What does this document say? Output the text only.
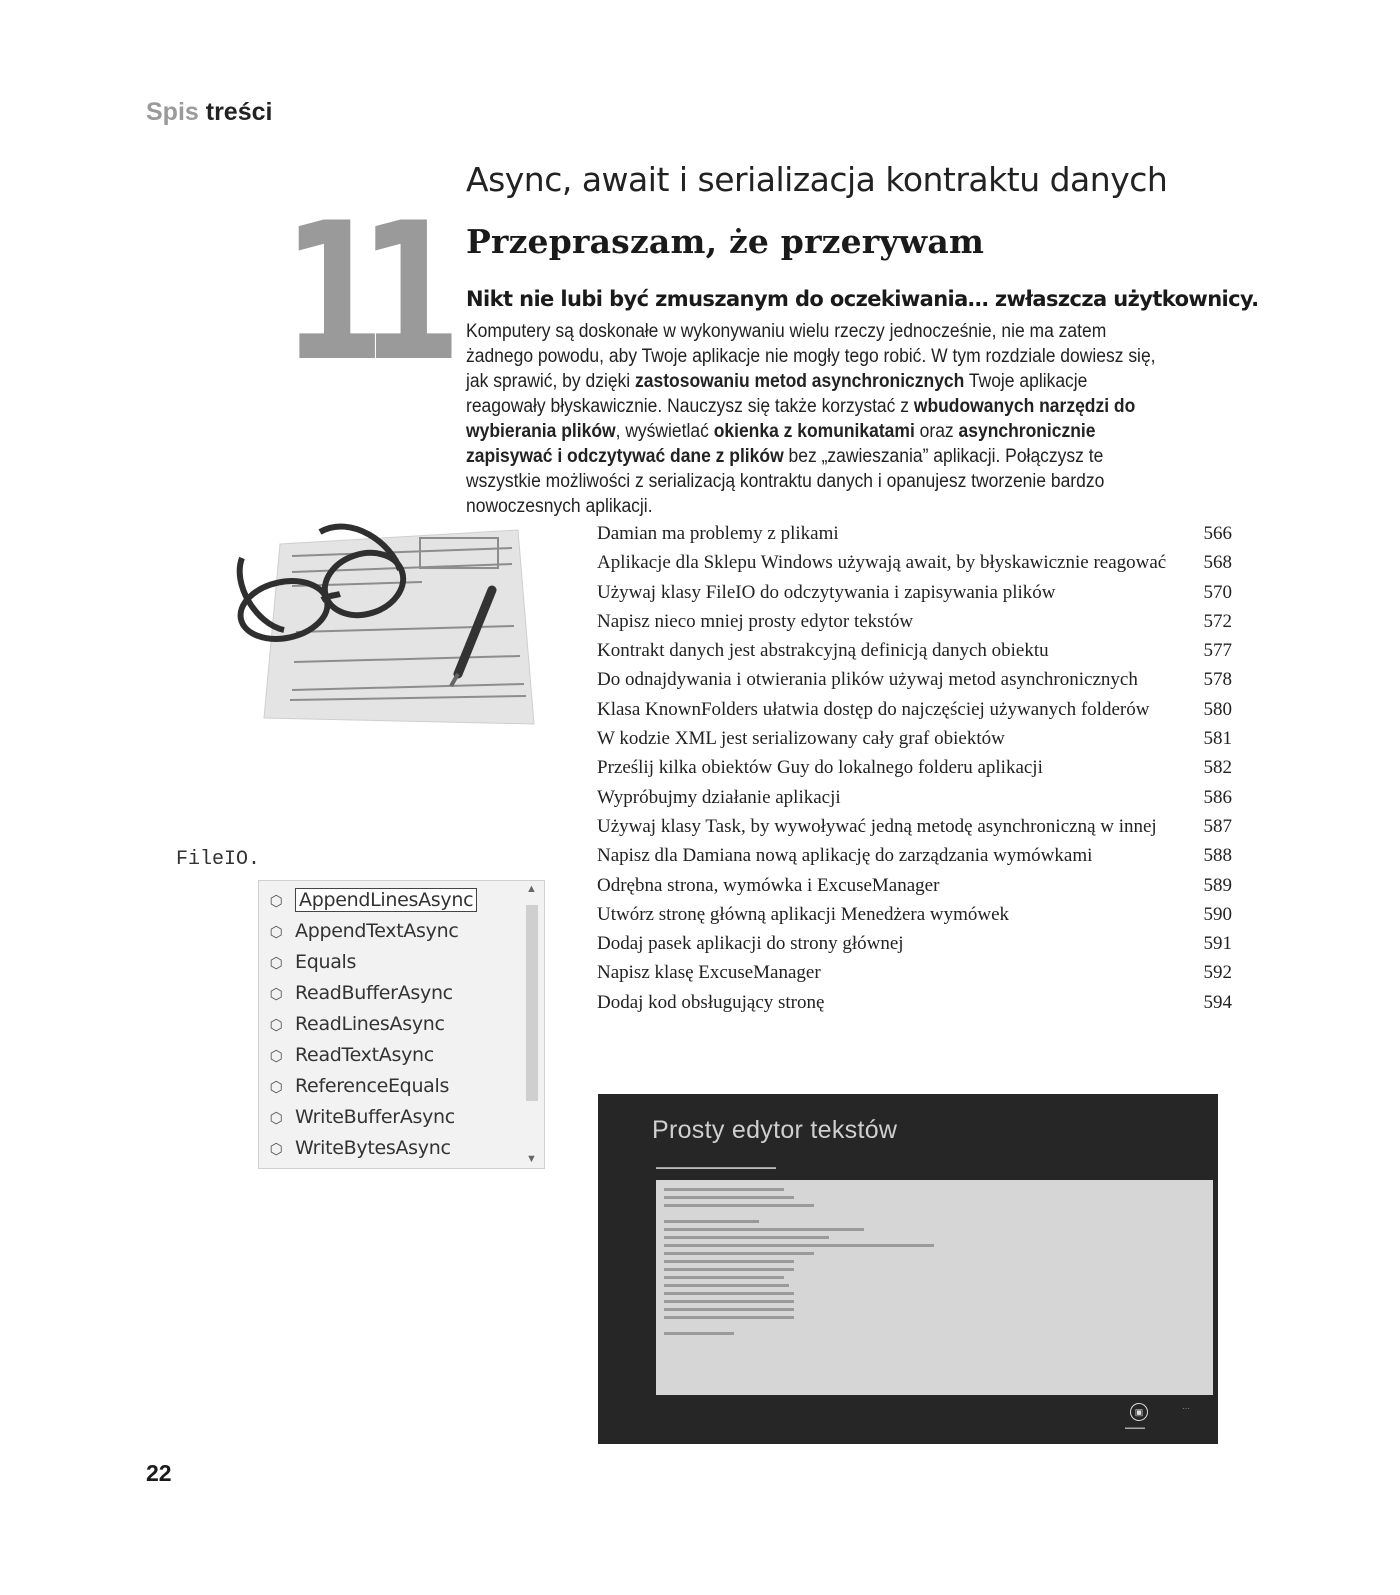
Spis treści
11
Async, await i serializacja kontraktu danych
Przepraszam, że przerywam
Nikt nie lubi być zmuszanym do oczekiwania… zwłaszcza użytkownicy.
Komputery są doskonałe w wykonywaniu wielu rzeczy jednocześnie, nie ma zatem żadnego powodu, aby Twoje aplikacje nie mogły tego robić. W tym rozdziale dowiesz się, jak sprawić, by dzięki zastosowaniu metod asynchronicznych Twoje aplikacje reagowały błyskawicznie. Nauczysz się także korzystać z wbudowanych narzędzi do wybierania plików, wyświetlać okienka z komunikatami oraz asynchronicznie zapisywać i odczytywać dane z plików bez „zawieszania” aplikacji. Połączysz te wszystkie możliwości z serializacją kontraktu danych i opanujesz tworzenie bardzo nowoczesnych aplikacji.
Damian ma problemy z plikami	566
Aplikacje dla Sklepu Windows używają await, by błyskawicznie reagować 568
Używaj klasy FileIO do odczytywania i zapisywania plików	570
Napisz nieco mniej prosty edytor tekstów	572
Kontrakt danych jest abstrakcyjną definicją danych obiektu	577
Do odnajdywania i otwierania plików używaj metod asynchronicznych	578
Klasa KnownFolders ułatwia dostęp do najczęściej używanych folderów	580
W kodzie XML jest serializowany cały graf obiektów	581
Prześlij kilka obiektów Guy do lokalnego folderu aplikacji	582
Wypróbujmy działanie aplikacji	586
Używaj klasy Task, by wywoływać jedną metodę asynchroniczną w innej 587
Napisz dla Damiana nową aplikację do zarządzania wymówkami	588
Odrębna strona, wymówka i ExcuseManager	589
Utwórz stronę główną aplikacji Menedżera wymówek	590
Dodaj pasek aplikacji do strony głównej	591
Napisz klasę ExcuseManager	592
Dodaj kod obsługujący stronę	594
FileIO.
▲
▼
⬡ AppendLinesAsync
⬡ AppendTextAsync
⬡ Equals
⬡ ReadBufferAsync
⬡ ReadLinesAsync
⬡ ReadTextAsync
⬡ ReferenceEquals
⬡ WriteBufferAsync
⬡ WriteBytesAsync
Prosty edytor tekstów
▬▬▬▬▬▬▬▬▬▬▬▬▬▬▬▬▬▬▬▬
▣
▬▬▬▬
···
22
